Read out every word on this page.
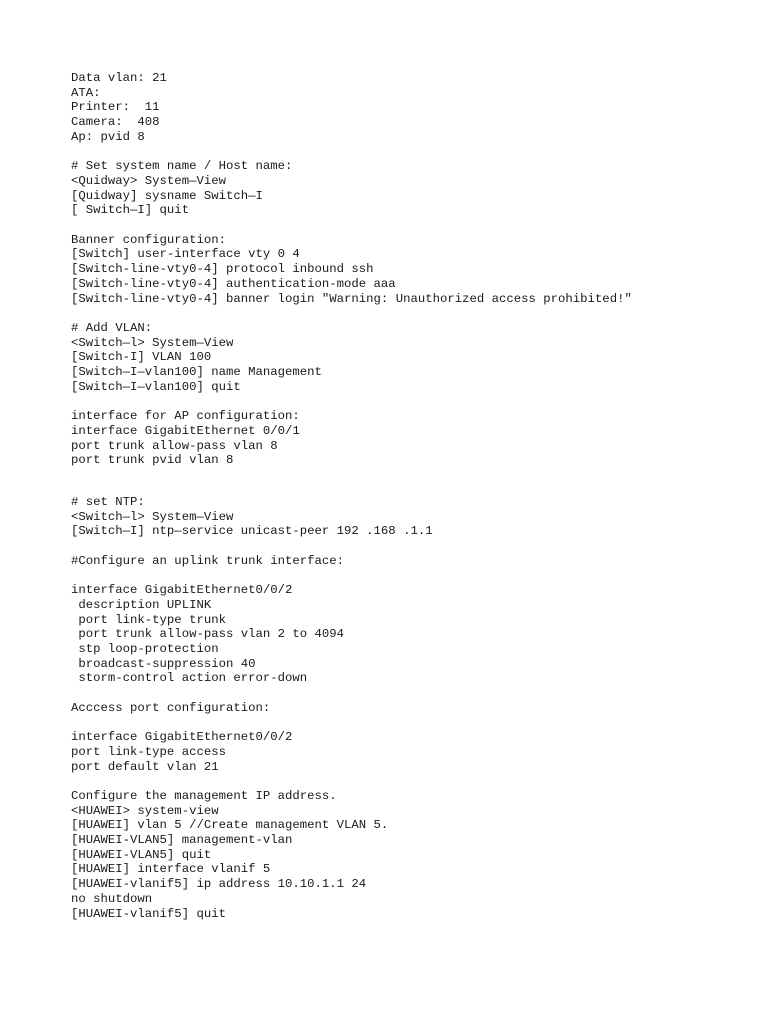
Data vlan: 21
ATA:
Printer:  11
Camera:  408
Ap: pvid 8
# Set system name / Host name:
<Quidway> System—View
[Quidway] sysname Switch—I
[ Switch—I] quit
Banner configuration:
[Switch] user-interface vty 0 4
[Switch-line-vty0-4] protocol inbound ssh
[Switch-line-vty0-4] authentication-mode aaa
[Switch-line-vty0-4] banner login "Warning: Unauthorized access prohibited!"
# Add VLAN:
<Switch—l> System—View
[Switch-I] VLAN 100
[Switch—I—vlan100] name Management
[Switch—I—vlan100] quit
interface for AP configuration:
interface GigabitEthernet 0/0/1
port trunk allow-pass vlan 8
port trunk pvid vlan 8
# set NTP:
<Switch—l> System—View
[Switch—I] ntp—service unicast-peer 192 .168 .1.1
#Configure an uplink trunk interface:
interface GigabitEthernet0/0/2
description UPLINK
port link-type trunk
port trunk allow-pass vlan 2 to 4094
stp loop-protection
broadcast-suppression 40
storm-control action error-down
Acccess port configuration:
interface GigabitEthernet0/0/2
port link-type access
port default vlan 21
Configure the management IP address.
<HUAWEI> system-view
[HUAWEI] vlan 5 //Create management VLAN 5.
[HUAWEI-VLAN5] management-vlan
[HUAWEI-VLAN5] quit
[HUAWEI] interface vlanif 5
[HUAWEI-vlanif5] ip address 10.10.1.1 24
no shutdown
[HUAWEI-vlanif5] quit
